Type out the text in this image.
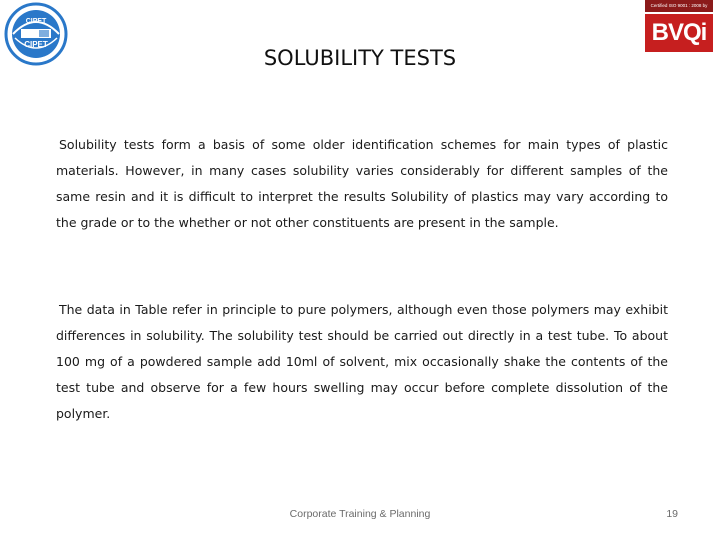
CIPET
CIPET
Certified ISO 9001 : 2008 by
BVQi
SOLUBILITY TESTS

Solubility tests form a basis of some older identification schemes for main types of plastic materials. However, in many cases solubility varies considerably for different samples of the same resin and it is difficult to interpret the results Solubility of plastics may vary according to the grade or to the whether or not other constituents are present in the sample.

The data in Table refer in principle to pure polymers, although even those polymers may exhibit differences in solubility. The solubility test should be carried out directly in a test tube. To about 100 mg of a powdered sample add 10ml of solvent, mix occasionally shake the contents of the test tube and observe for a few hours swelling may occur before complete dissolution of the polymer.

Corporate Training & Planning	19
